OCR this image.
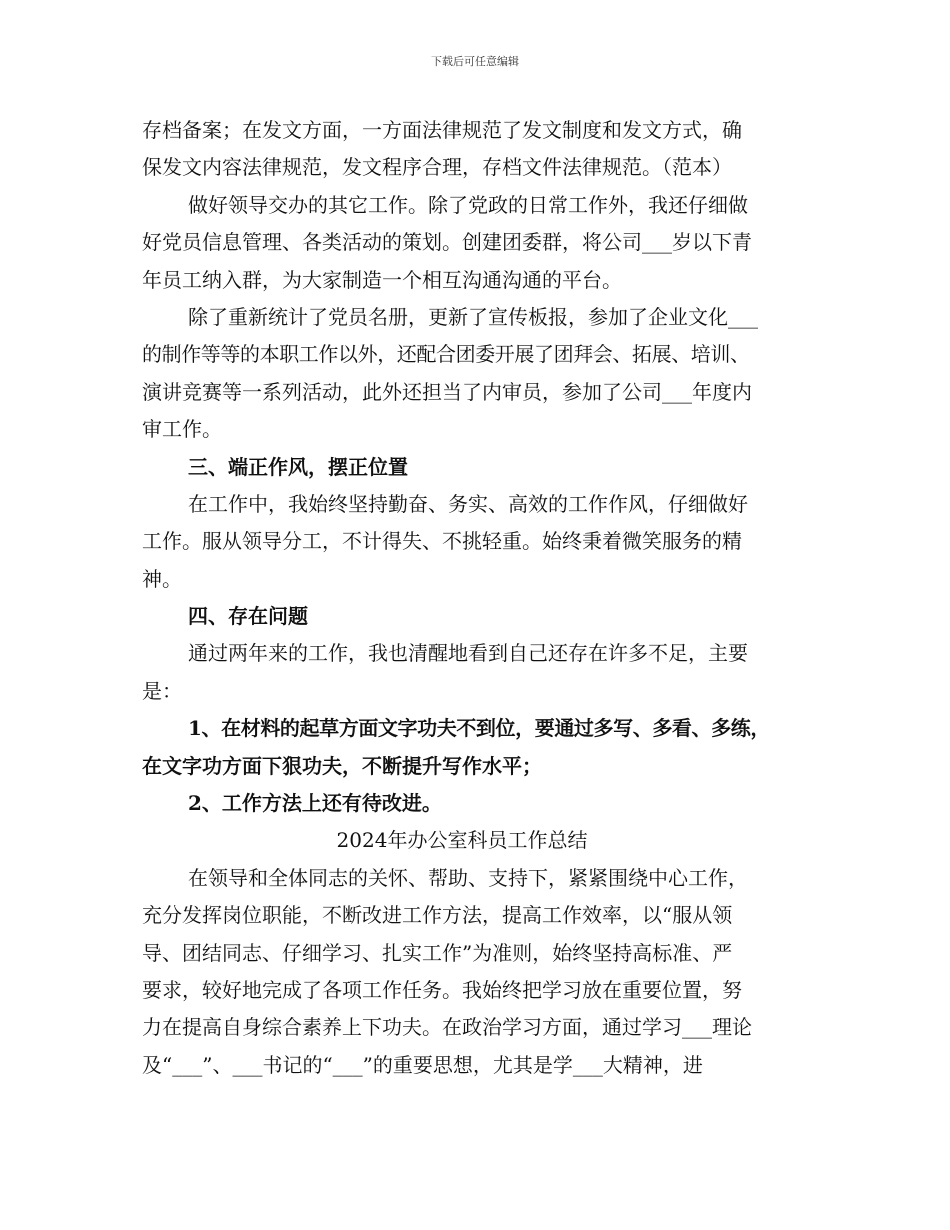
下载后可任意编辑
存档备案；在发文方面，一方面法律规范了发文制度和发文方式，确
保发文内容法律规范，发文程序合理，存档文件法律规范。（范本）
做好领导交办的其它工作。除了党政的日常工作外，我还仔细做
好党员信息管理、各类活动的策划。创建团委群，将公司___岁以下青
年员工纳入群，为大家制造一个相互沟通沟通的平台。
除了重新统计了党员名册，更新了宣传板报，参加了企业文化___
的制作等等的本职工作以外，还配合团委开展了团拜会、拓展、培训、
演讲竞赛等一系列活动，此外还担当了内审员，参加了公司___年度内
审工作。
三、端正作风，摆正位置
在工作中，我始终坚持勤奋、务实、高效的工作作风，仔细做好
工作。服从领导分工，不计得失、不挑轻重。始终秉着微笑服务的精
神。
四、存在问题
通过两年来的工作，我也清醒地看到自己还存在许多不足，主要
是：
1、在材料的起草方面文字功夫不到位，要通过多写、多看、多练，
在文字功方面下狠功夫，不断提升写作水平；
2、工作方法上还有待改进。
2024年办公室科员工作总结
在领导和全体同志的关怀、帮助、支持下，紧紧围绕中心工作，
充分发挥岗位职能，不断改进工作方法，提高工作效率，以“服从领
导、团结同志、仔细学习、扎实工作”为准则，始终坚持高标准、严
要求，较好地完成了各项工作任务。我始终把学习放在重要位置，努
力在提高自身综合素养上下功夫。在政治学习方面，通过学习___理论
及“___”、___书记的“___”的重要思想，尤其是学___大精神，进
